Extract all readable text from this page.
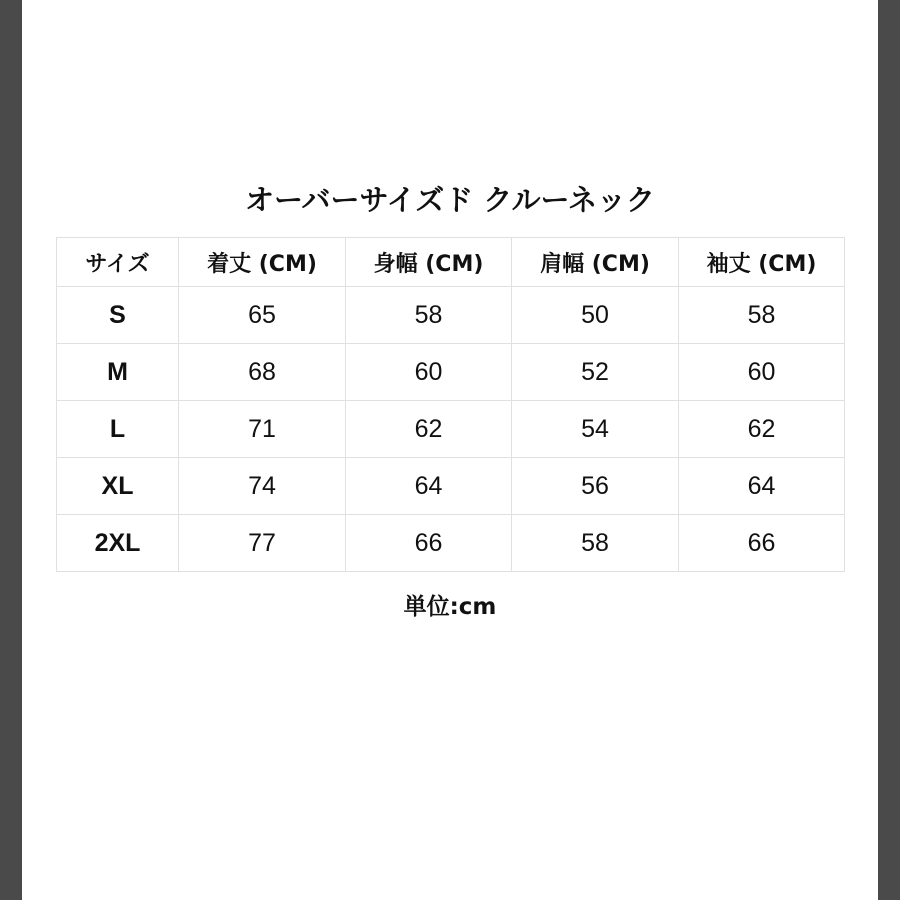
オーバーサイズド クルーネック
サイズ	着丈 (CM)	身幅 (CM)	肩幅 (CM)	袖丈 (CM)
S	65	58	50	58
M	68	60	52	60
L	71	62	54	62
XL	74	64	56	64
2XL	77	66	58	66
単位:cm
